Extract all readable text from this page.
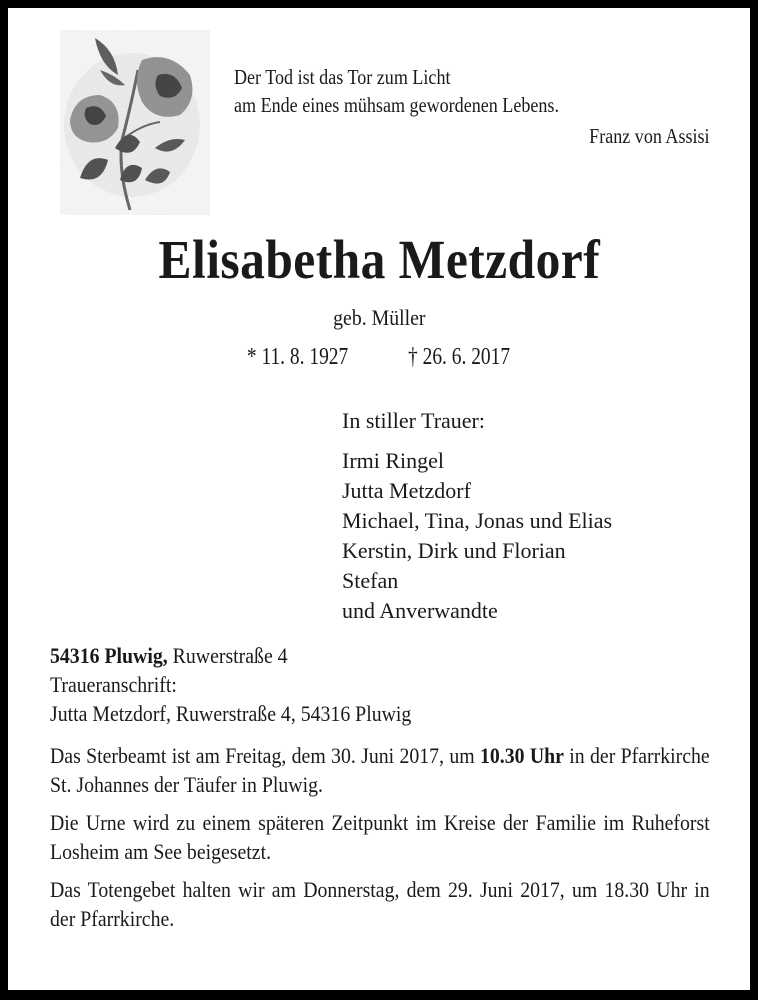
Der Tod ist das Tor zum Licht
am Ende eines mühsam gewordenen Lebens.
Franz von Assisi
Elisabetha Metzdorf
geb. Müller
* 11. 8. 1927 † 26. 6. 2017
In stiller Trauer:
Irmi Ringel
Jutta Metzdorf
Michael, Tina, Jonas und Elias
Kerstin, Dirk und Florian
Stefan
und Anverwandte
54316 Pluwig, Ruwerstraße 4
Traueranschrift:
Jutta Metzdorf, Ruwerstraße 4, 54316 Pluwig
Das Sterbeamt ist am Freitag, dem 30. Juni 2017, um 10.30 Uhr in der Pfarrkirche St. Johannes der Täufer in Pluwig.
Die Urne wird zu einem späteren Zeitpunkt im Kreise der Familie im Ruheforst Losheim am See beigesetzt.
Das Totengebet halten wir am Donnerstag, dem 29. Juni 2017, um 18.30 Uhr in der Pfarrkirche.
